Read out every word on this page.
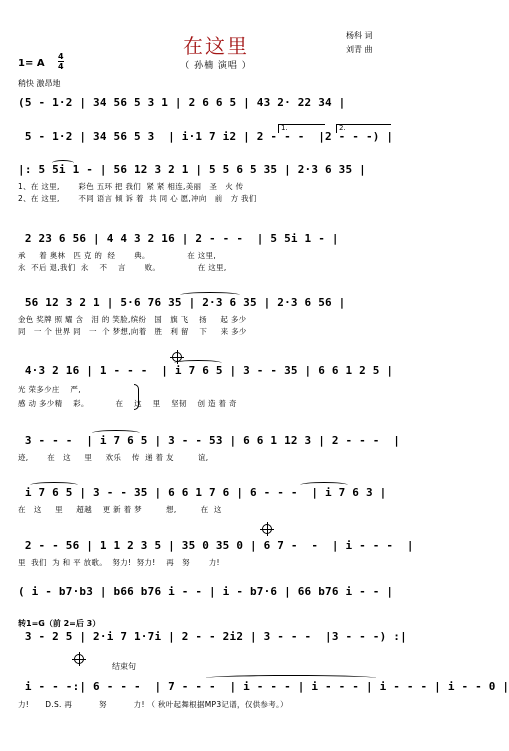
在这里
（ 孙楠 演唱 ）
杨科 词
刘青 曲
1= A
4
4
稍快 激昂地
(5 - 1·2 | 34 56 5 3 1 | 2 6 6 5 | 43 2· 22 34 |
5 - 1·2 | 34 56 5 3  | i·1 7 i2 | 2 - - -  |2 - - -) |
1.	2.
|: 5 5i 1 - | 56 12 3 2 1 | 5 5 6 5 35 | 2·3 6 35 |
1、在 这里,       彩色 五环 把 我们  紧 紧 相连,美丽   圣   火 传
2、在 这里,       不同 语言 倾 诉 着  共 同 心 愿,冲向   前   方 我们
2 23 6 56 | 4 4 3 2 16 | 2 - - -  | 5 5i 1 - |
承     着 奥林   匹 克 的  经       典。              在 这里,
永  不后 退,我们  永    不    言       败。              在 这里,
56 12 3 2 1 | 5·6 76 35 | 2·3 6 35 | 2·3 6 56 |
金色 奖牌 照 耀 含   泪 的 笑脸,缤纷   国   旗 飞    扬     起 多少
同   一 个 世界 同   一  个 梦想,向着   胜   利 留    下     来 多少
4·3 2 16 | 1 - - -  | i 7 6 5 | 3 - - 35 | 6 6 1 2 5 |
光 荣多少庄    严,
感 动 多少精    彩。          在    这    里    坚韧    创 造 着 奇
3 - - -  | i 7 6 5 | 3 - - 53 | 6 6 1 12 3 | 2 - - -  |
迹,       在   这     里     欢乐    传  递 着 友         谊,
i 7 6 5 | 3 - - 35 | 6 6 1 7 6 | 6 - - -  | i 7 6 3 |
在   这     里     超越    更 新 着 梦         想,         在  这
2 - - 56 | 1 1 2 3 5 | 35 0 35 0 | 6 7 -  -  | i - - -  |
里  我们  为 和 平 放歌。  努力!  努力!    再   努       力!
( i - b7·b3 | b66 b76 i - - | i - b7·6 | 66 b76 i - - |
转1=G（前 2=后 3）
3 - 2 5 | 2·i 7 1·7i | 2 - - 2i2 | 3 - - -  |3 - - -) :|
结束句
i - - -:| 6 - - -  | 7 - - -  | i - - - | i - - - | i - - - | i - - 0 |
力!      D.S. 再          努          力! （ 秋叶起舞根据MP3记谱，仅供参考。）
